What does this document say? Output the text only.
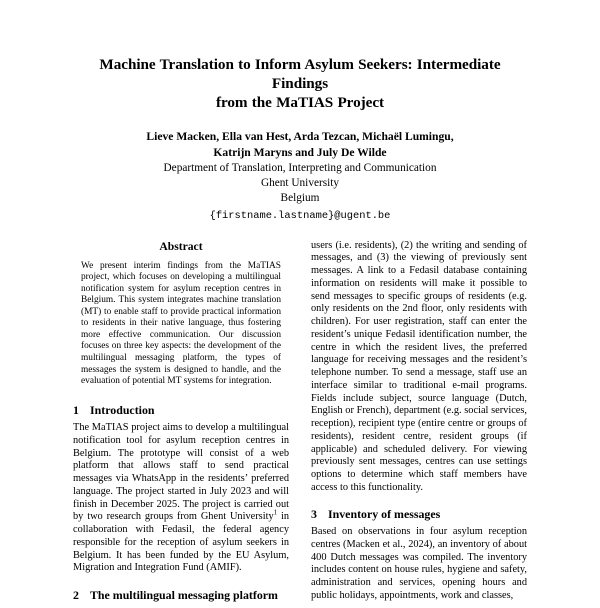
Machine Translation to Inform Asylum Seekers: Intermediate Findings
from the MaTIAS Project
Lieve Macken, Ella van Hest, Arda Tezcan, Michaël Lumingu,
Katrijn Maryns and July De Wilde
Department of Translation, Interpreting and Communication
Ghent University
Belgium
{firstname.lastname}@ugent.be
Abstract

We present interim findings from the MaTIAS project, which focuses on developing a multilingual notification system for asylum reception centres in Belgium. This system integrates machine translation (MT) to enable staff to provide practical information to residents in their native language, thus fostering more effective communication. Our discussion focuses on three key aspects: the development of the multilingual messaging platform, the types of messages the system is designed to handle, and the evaluation of potential MT systems for integration.

1 Introduction

The MaTIAS project aims to develop a multilingual notification tool for asylum reception centres in Belgium. The prototype will consist of a web platform that allows staff to send practical messages via WhatsApp in the residents’ preferred language. The project started in July 2023 and will finish in December 2025. The project is carried out by two research groups from Ghent University$^1$ in collaboration with Fedasil, the federal agency responsible for the reception of asylum seekers in Belgium. It has been funded by the EU Asylum, Migration and Integration Fund (AMIF).

2 The multilingual messaging platform

users (i.e. residents), (2) the writing and sending of messages, and (3) the viewing of previously sent messages. A link to a Fedasil database containing information on residents will make it possible to send messages to specific groups of residents (e.g. only residents on the 2nd floor, only residents with children). For user registration, staff can enter the resident’s unique Fedasil identification number, the centre in which the resident lives, the preferred language for receiving messages and the resident’s telephone number. To send a message, staff use an interface similar to traditional e-mail programs. Fields include subject, source language (Dutch, English or French), department (e.g. social services, reception), recipient type (entire centre or groups of residents), resident centre, resident groups (if applicable) and scheduled delivery. For viewing previously sent messages, centres can use settings options to determine which staff members have access to this functionality.

3 Inventory of messages

Based on observations in four asylum reception centres (Macken et al., 2024), an inventory of about 400 Dutch messages was compiled. The inventory includes content on house rules, hygiene and safety, administration and services, opening hours and public holidays, appointments, work and classes,
